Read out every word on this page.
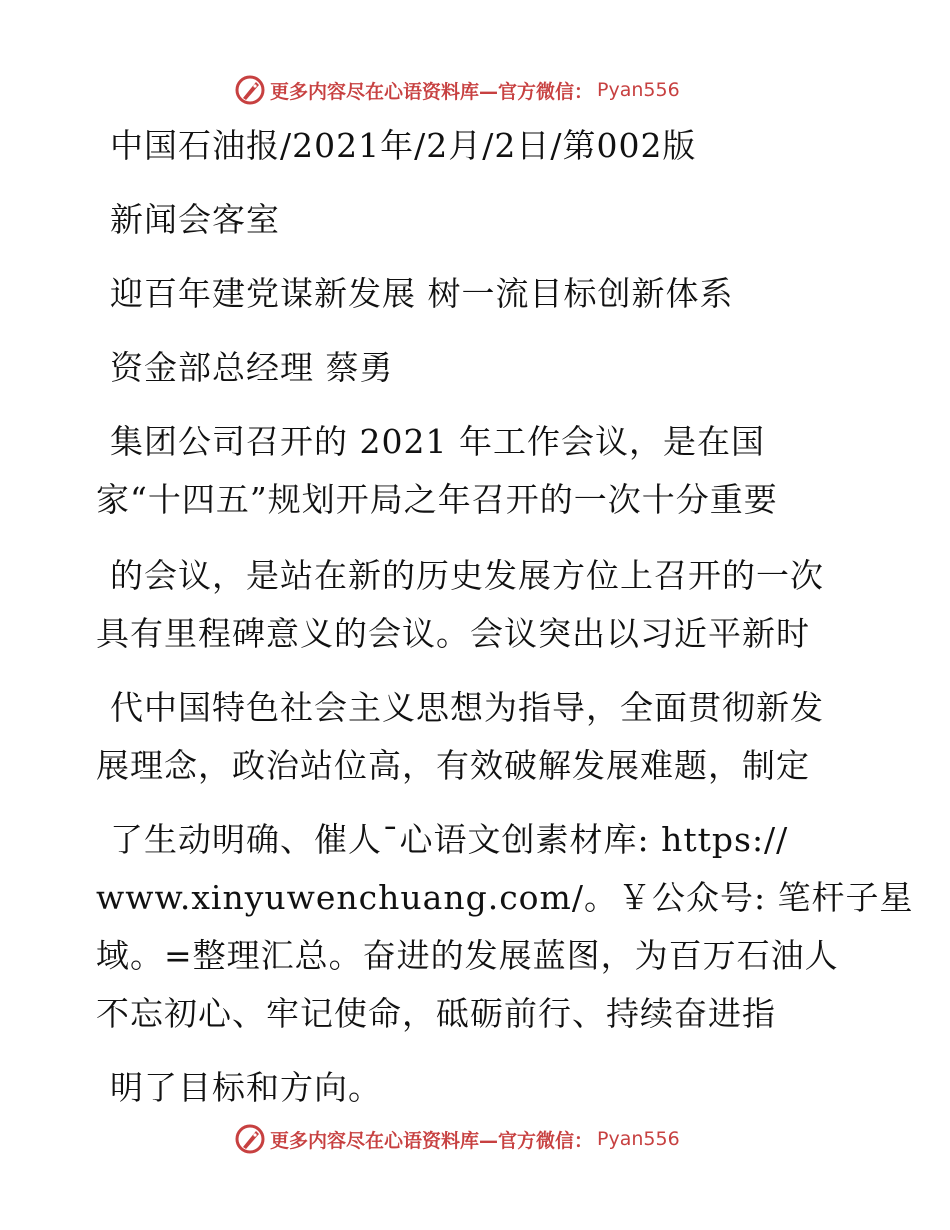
更多内容尽在心语资料库—官方微信： Pyan556
中国石油报/2021年/2月/2日/第002版
新闻会客室
迎百年建党谋新发展 树一流目标创新体系
资金部总经理 蔡勇
集团公司召开的 2021 年工作会议，是在国
家“十四五”规划开局之年召开的一次十分重要
的会议，是站在新的历史发展方位上召开的一次
具有里程碑意义的会议。会议突出以习近平新时
代中国特色社会主义思想为指导，全面贯彻新发
展理念，政治站位高，有效破解发展难题，制定
了生动明确、催人¯心语文创素材库: https://
www.xinyuwenchuang.com/。￥公众号: 笔杆子星
域。=整理汇总。奋进的发展蓝图，为百万石油人
不忘初心、牢记使命，砥砺前行、持续奋进指
明了目标和方向。
更多内容尽在心语资料库—官方微信： Pyan556
